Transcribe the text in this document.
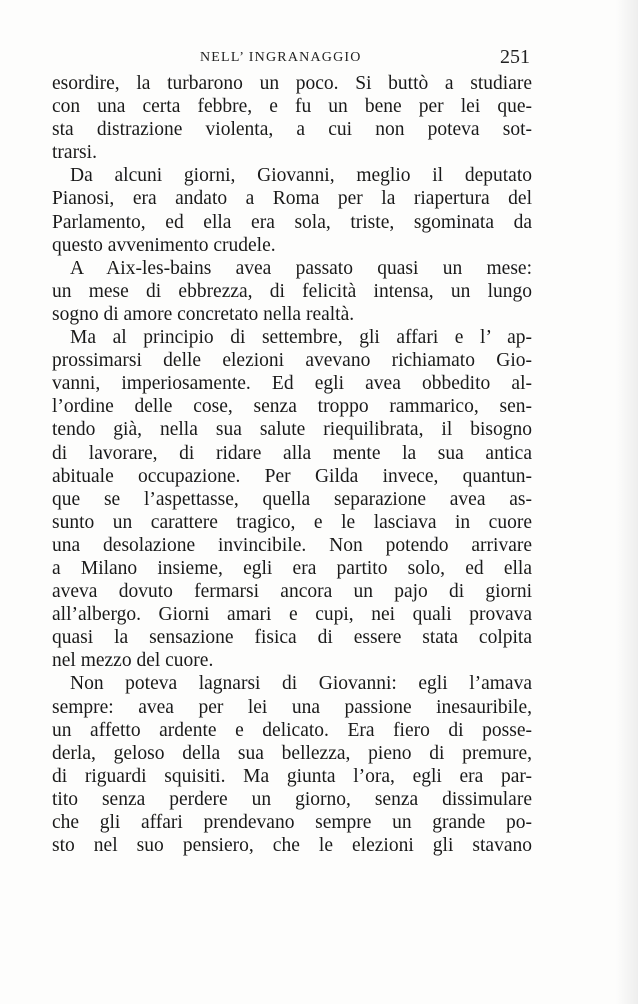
NELL’ INGRANAGGIO	251
esordire, la turbarono un poco. Si buttò a studiare
con una certa febbre, e fu un bene per lei que-
sta distrazione violenta, a cui non poteva sot-
trarsi.
Da alcuni giorni, Giovanni, meglio il deputato
Pianosi, era andato a Roma per la riapertura del
Parlamento, ed ella era sola, triste, sgominata da
questo avvenimento crudele.
A Aix-les-bains avea passato quasi un mese:
un mese di ebbrezza, di felicità intensa, un lungo
sogno di amore concretato nella realtà.
Ma al principio di settembre, gli affari e l’ ap-
prossimarsi delle elezioni avevano richiamato Gio-
vanni, imperiosamente. Ed egli avea obbedito al-
l’ordine delle cose, senza troppo rammarico, sen-
tendo già, nella sua salute riequilibrata, il bisogno
di lavorare, di ridare alla mente la sua antica
abituale occupazione. Per Gilda invece, quantun-
que se l’aspettasse, quella separazione avea as-
sunto un carattere tragico, e le lasciava in cuore
una desolazione invincibile. Non potendo arrivare
a Milano insieme, egli era partito solo, ed ella
aveva dovuto fermarsi ancora un pajo di giorni
all’albergo. Giorni amari e cupi, nei quali provava
quasi la sensazione fisica di essere stata colpita
nel mezzo del cuore.
Non poteva lagnarsi di Giovanni: egli l’amava
sempre: avea per lei una passione inesauribile,
un affetto ardente e delicato. Era fiero di posse-
derla, geloso della sua bellezza, pieno di premure,
di riguardi squisiti. Ma giunta l’ora, egli era par-
tito senza perdere un giorno, senza dissimulare
che gli affari prendevano sempre un grande po-
sto nel suo pensiero, che le elezioni gli stavano
